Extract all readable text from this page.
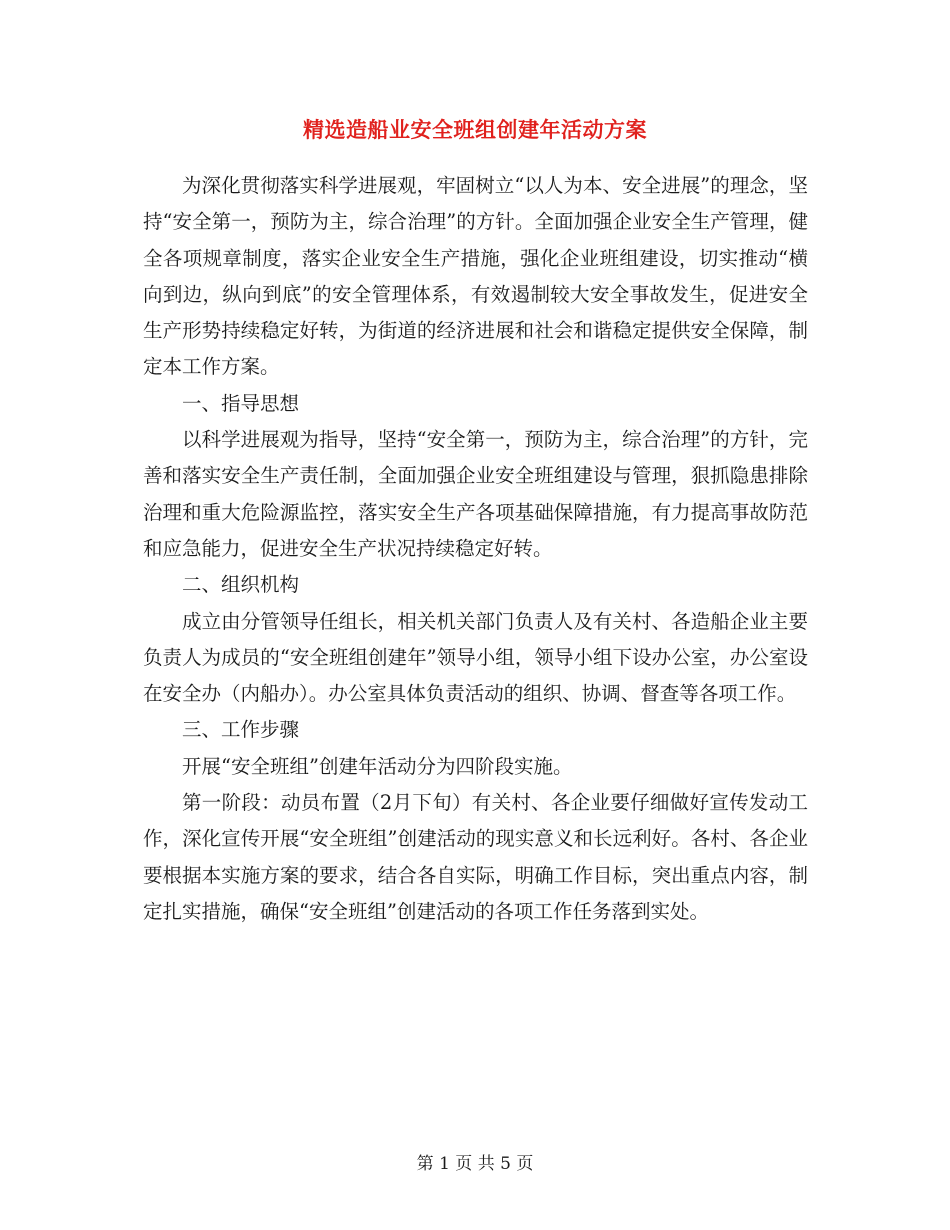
精选造船业安全班组创建年活动方案

为深化贯彻落实科学进展观，牢固树立“以人为本、安全进展”的理念，坚持“安全第一，预防为主，综合治理”的方针。全面加强企业安全生产管理，健全各项规章制度，落实企业安全生产措施，强化企业班组建设，切实推动“横向到边，纵向到底”的安全管理体系，有效遏制较大安全事故发生，促进安全生产形势持续稳定好转，为街道的经济进展和社会和谐稳定提供安全保障，制定本工作方案。

一、指导思想

以科学进展观为指导，坚持“安全第一，预防为主，综合治理”的方针，完善和落实安全生产责任制，全面加强企业安全班组建设与管理，狠抓隐患排除治理和重大危险源监控，落实安全生产各项基础保障措施，有力提高事故防范和应急能力，促进安全生产状况持续稳定好转。

二、组织机构

成立由分管领导任组长，相关机关部门负责人及有关村、各造船企业主要负责人为成员的“安全班组创建年”领导小组，领导小组下设办公室，办公室设在安全办（内船办）。办公室具体负责活动的组织、协调、督查等各项工作。

三、工作步骤

开展“安全班组”创建年活动分为四阶段实施。

第一阶段：动员布置（2月下旬）有关村、各企业要仔细做好宣传发动工作，深化宣传开展“安全班组”创建活动的现实意义和长远利好。各村、各企业要根据本实施方案的要求，结合各自实际，明确工作目标，突出重点内容，制定扎实措施，确保“安全班组”创建活动的各项工作任务落到实处。

第 1 页 共 5 页
